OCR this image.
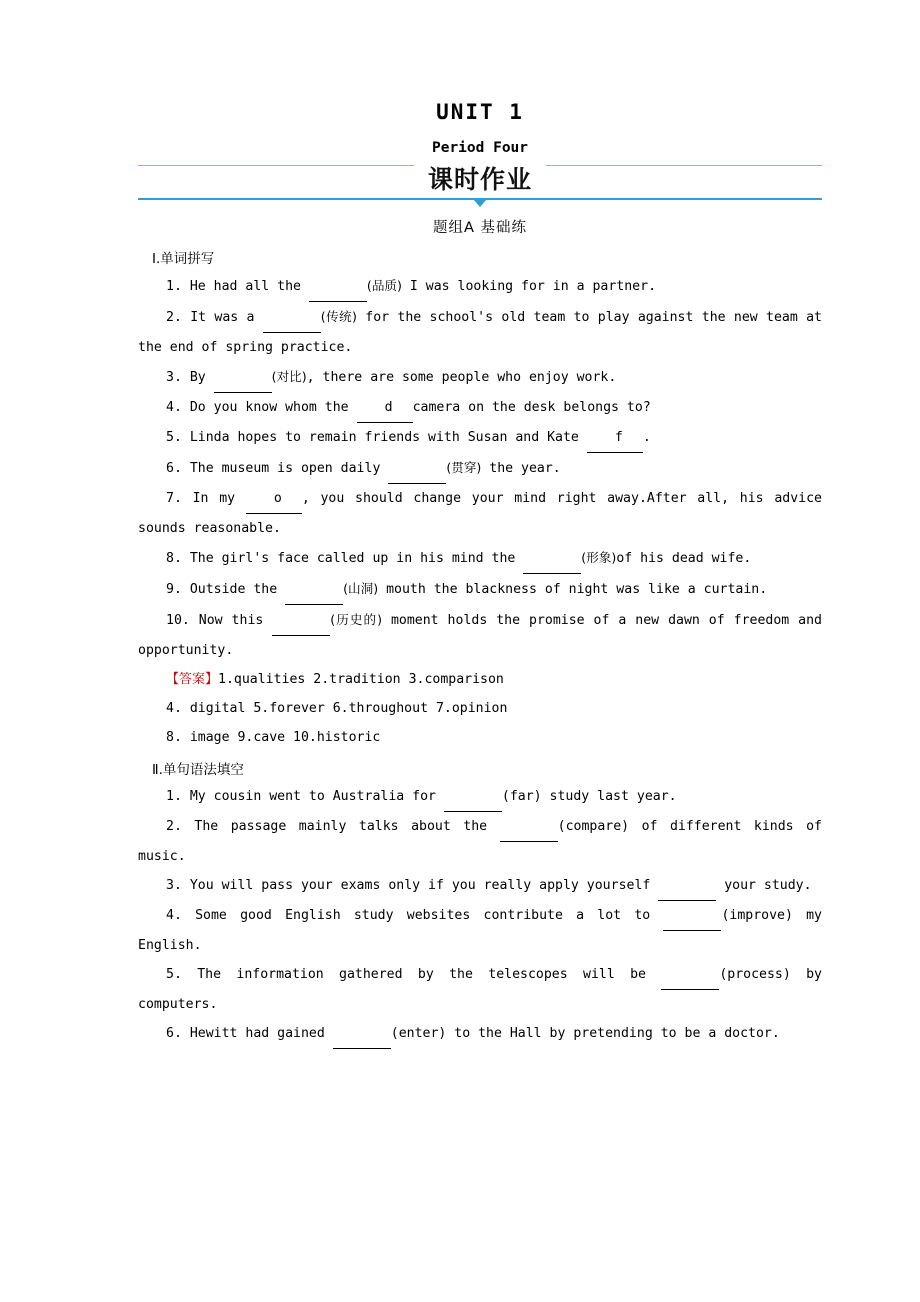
UNIT 1
Period Four
课时作业
题组A 基础练
Ⅰ.单词拼写

1. He had all the	(品质) I was looking for in a partner.

2. It was a	(传统) for the school's old team to play against the new team at the end of spring practice.

3. By	(对比), there are some people who enjoy work.

4. Do you know whom the d camera on the desk belongs to?

5. Linda hopes to remain friends with Susan and Kate f .

6. The museum is open daily	(贯穿) the year.

7. In my o , you should change your mind right away.After all, his advice sounds reasonable.

8. The girl's face called up in his mind the	(形象)of his dead wife.

9. Outside the	(山洞) mouth the blackness of night was like a curtain.

10. Now this	(历史的) moment holds the promise of a new dawn of freedom and opportunity.

【答案】1.qualities 2.tradition 3.comparison

4. digital 5.forever 6.throughout 7.opinion

8. image 9.cave 10.historic

Ⅱ.单句语法填空

1. My cousin went to Australia for	(far) study last year.

2. The passage mainly talks about the	(compare) of different kinds of music.

3. You will pass your exams only if you really apply yourself	your study.

4. Some good English study websites contribute a lot to	(improve) my English.

5. The information gathered by the telescopes will be	(process) by computers.

6. Hewitt had gained	(enter) to the Hall by pretending to be a doctor.
